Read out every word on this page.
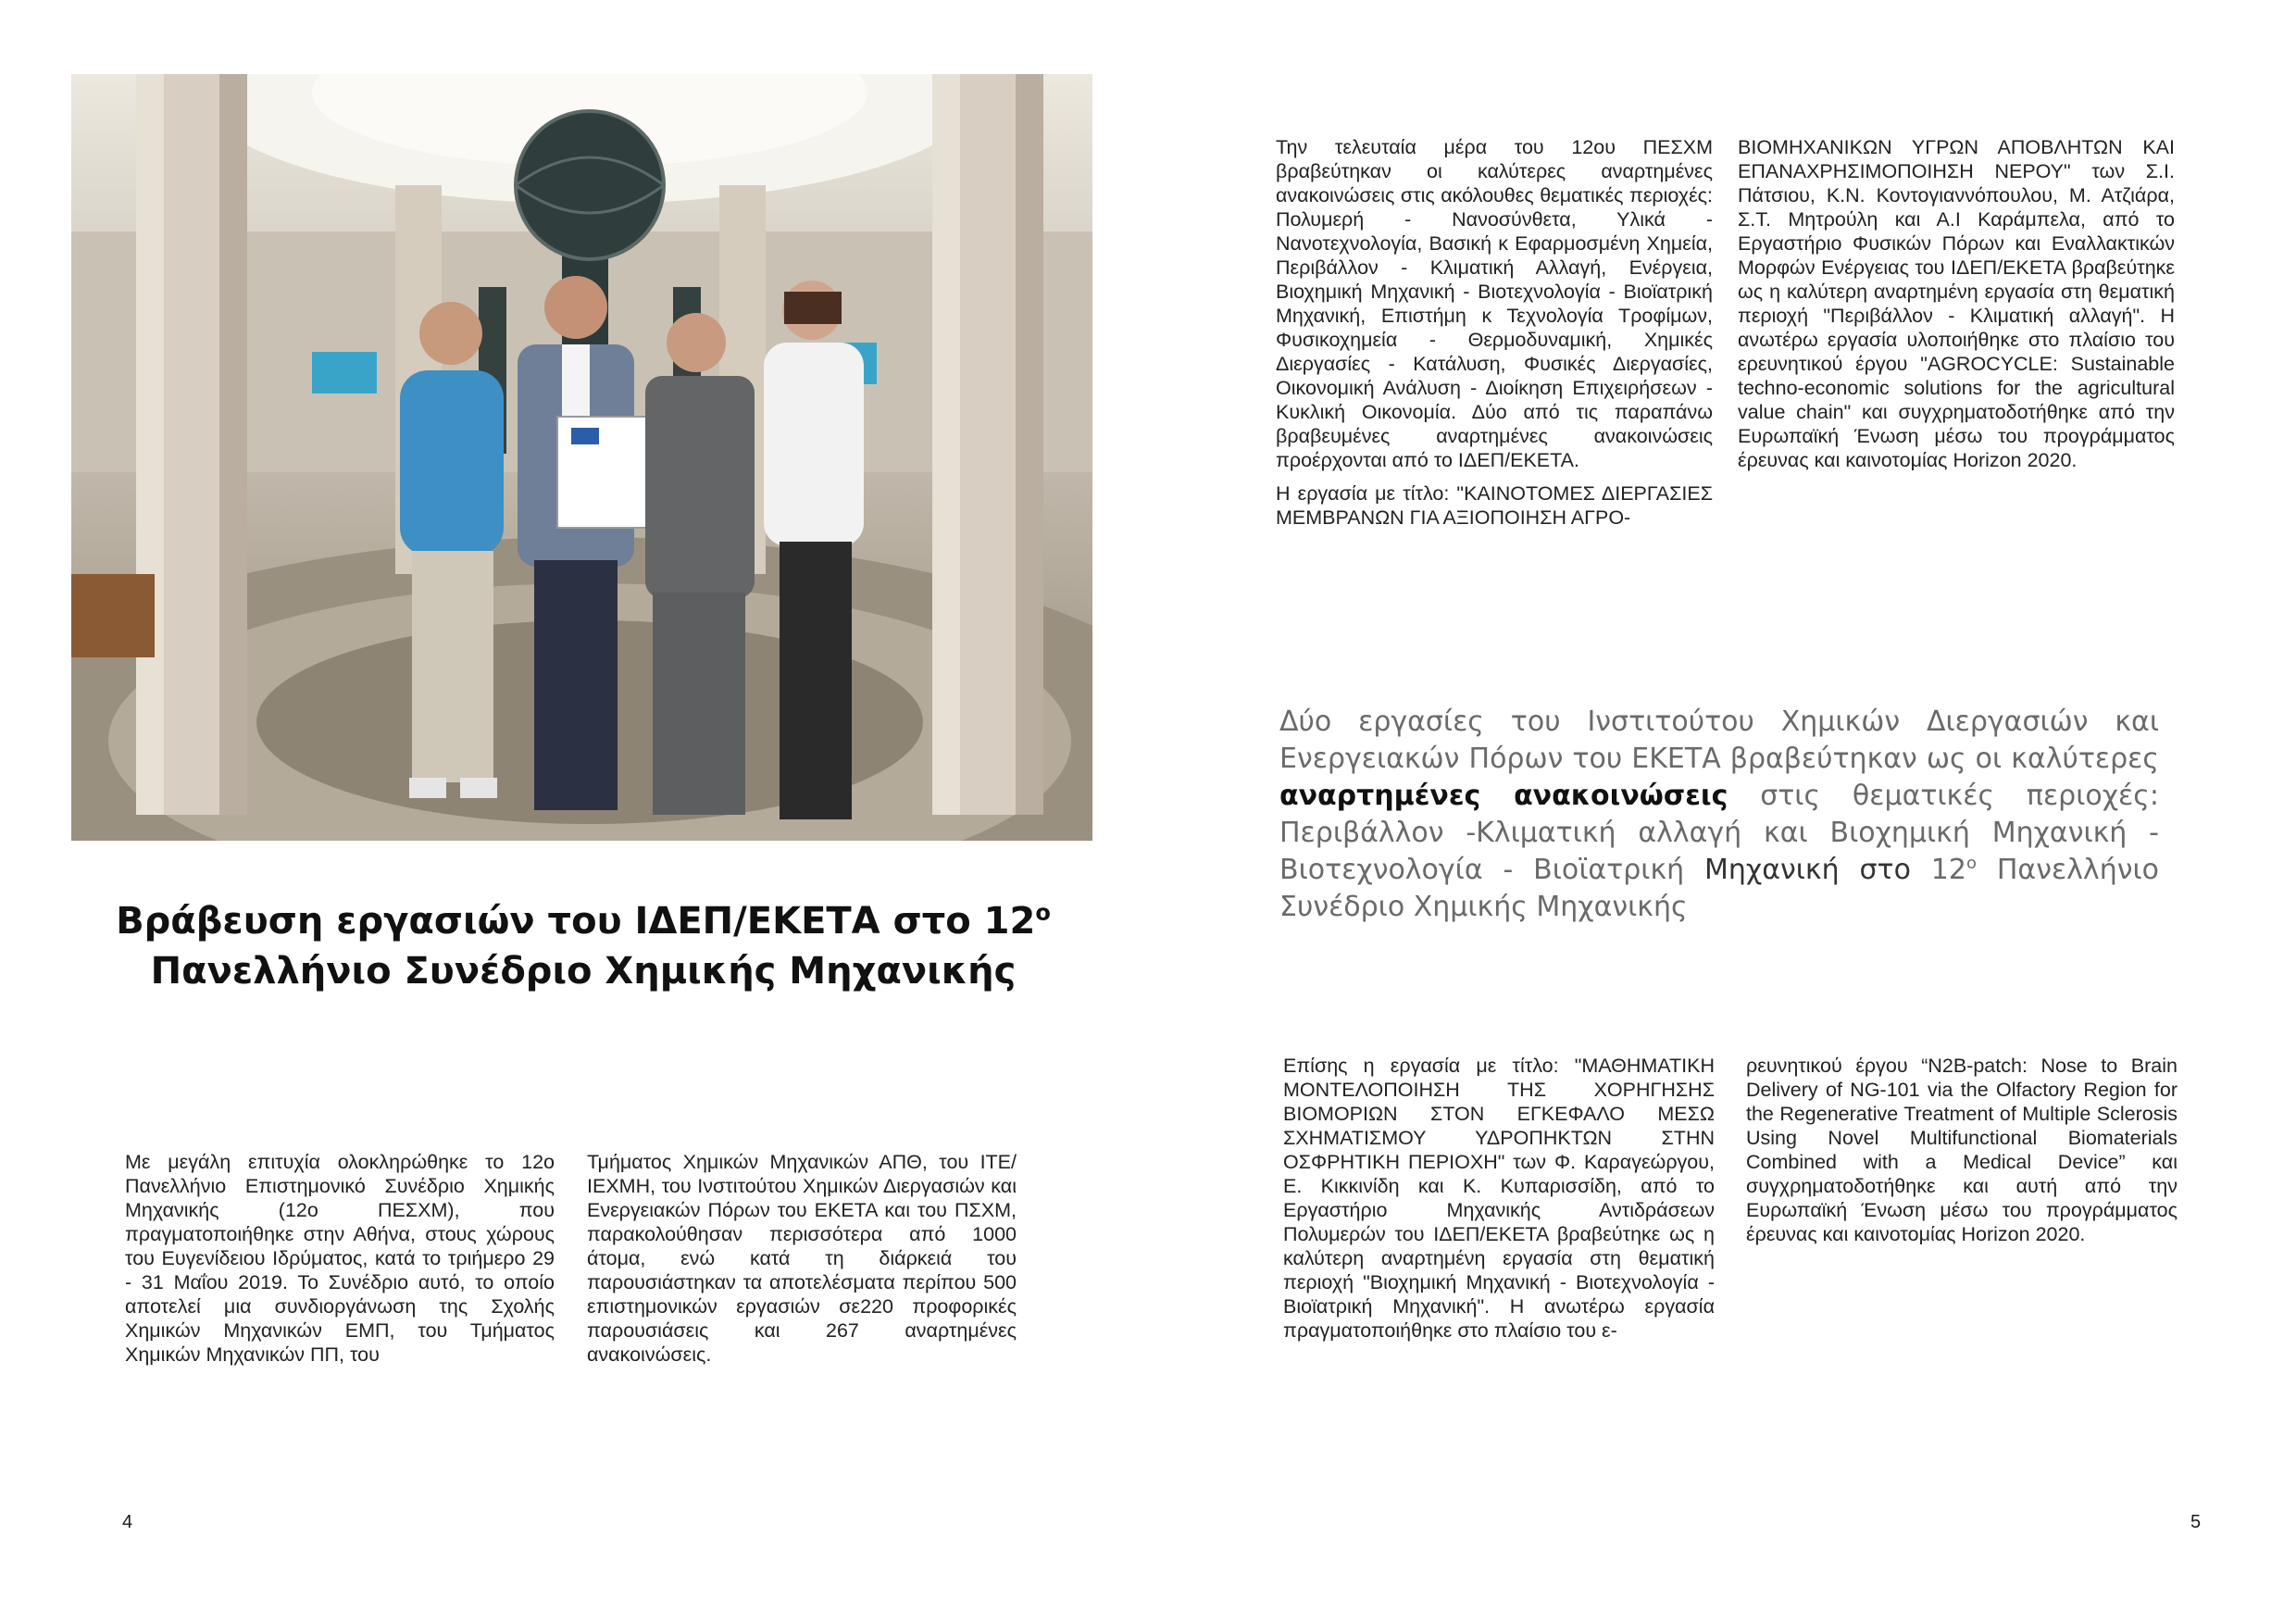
Βράβευση εργασιών του ΙΔΕΠ/ΕΚΕΤΑ στο $12^o$
Πανελλήνιο Συνέδριο Χημικής Μηχανικής

Με μεγάλη επιτυχία ολοκληρώθηκε το 12ο Πανελλήνιο Επιστημονικό Συνέδριο Χημικής Μηχανικής (12ο ΠΕΣΧΜ), που πραγματοποιήθηκε στην Αθήνα, στους χώρους του Ευγενίδειου Ιδρύματος, κατά το τριήμερο 29 - 31 Μαΐου 2019. Το Συνέδριο αυτό, το οποίο αποτελεί μια συνδιοργάνωση της Σχολής Χημικών Μηχανικών ΕΜΠ, του Τμήματος Χημικών Μηχανικών ΠΠ, του

Τμήματος Χημικών Μηχανικών ΑΠΘ, του ΙΤΕ/ΙΕΧΜΗ, του Ινστιτούτου Χημικών Διεργασιών και Ενεργειακών Πόρων του ΕΚΕΤΑ και του ΠΣΧΜ, παρακολούθησαν περισσότερα από 1000 άτομα, ενώ κατά τη διάρκειά του παρουσιάστηκαν τα αποτελέσματα περίπου 500 επιστημονικών εργασιών σε220 προφορικές παρουσιάσεις και 267 αναρτημένες ανακοινώσεις.

4

Την τελευταία μέρα του 12ου ΠΕΣΧΜ βραβεύτηκαν οι καλύτερες αναρτημένες ανακοινώσεις στις ακόλουθες θεματικές περιοχές: Πολυμερή - Νανοσύνθετα, Υλικά - Νανοτεχνολογία, Βασική κ Εφαρμοσμένη Χημεία, Περιβάλλον - Κλιματική Αλλαγή, Ενέργεια, Βιοχημική Μηχανική - Βιοτεχνολογία - Βιοϊατρική Μηχανική, Επιστήμη κ Τεχνολογία Τροφίμων, Φυσικοχημεία - Θερμοδυναμική, Χημικές Διεργασίες - Κατάλυση, Φυσικές Διεργασίες, Οικονομική Ανάλυση - Διοίκηση Επιχειρήσεων - Κυκλική Οικονομία. Δύο από τις παραπάνω βραβευμένες αναρτημένες ανακοινώσεις προέρχονται από το ΙΔΕΠ/ΕΚΕΤΑ.

Η εργασία με τίτλο: "ΚΑΙΝΟΤΟΜΕΣ ΔΙΕΡΓΑΣΙΕΣ ΜΕΜΒΡΑΝΩΝ ΓΙΑ ΑΞΙΟΠΟΙΗΣΗ ΑΓΡΟ-

ΒΙΟΜΗΧΑΝΙΚΩΝ ΥΓΡΩΝ ΑΠΟΒΛΗΤΩΝ ΚΑΙ ΕΠΑΝΑΧΡΗΣΙΜΟΠΟΙΗΣΗ ΝΕΡΟΥ" των Σ.Ι. Πάτσιου, Κ.Ν. Κοντογιαννόπουλου, Μ. Ατζιάρα, Σ.Τ. Μητρούλη και Α.Ι Καράμπελα, από το Εργαστήριο Φυσικών Πόρων και Εναλλακτικών Μορφών Ενέργειας του ΙΔΕΠ/ΕΚΕΤΑ βραβεύτηκε ως η καλύτερη αναρτημένη εργασία στη θεματική περιοχή "Περιβάλλον - Κλιματική αλλαγή". Η ανωτέρω εργασία υλοποιήθηκε στο πλαίσιο του ερευνητικού έργου "AGROCYCLE: Sustainable techno-economic solutions for the agricultural value chain" και συγχρηματοδοτήθηκε από την Ευρωπαϊκή Ένωση μέσω του προγράμματος έρευνας και καινοτομίας Horizon 2020.

Δύο εργασίες του Ινστιτούτου Χημικών Διεργασιών και Ενεργειακών Πόρων του ΕΚΕΤΑ βραβεύτηκαν ως οι καλύτερες αναρτημένες ανακοινώσεις στις θεματικές περιοχές: Περιβάλλον -Κλιματική αλλαγή και Βιοχημική Μηχανική - Βιοτεχνολογία - Βιοϊατρική Μηχανική στο $12^o$ Πανελλήνιο Συνέδριο Χημικής Μηχανικής

Επίσης η εργασία με τίτλο: "ΜΑΘΗΜΑΤΙΚΗ ΜΟΝΤΕΛΟΠΟΙΗΣΗ ΤΗΣ ΧΟΡΗΓΗΣΗΣ ΒΙΟΜΟΡΙΩΝ ΣΤΟΝ ΕΓΚΕΦΑΛΟ ΜΕΣΩ ΣΧΗΜΑΤΙΣΜΟΥ ΥΔΡΟΠΗΚΤΩΝ ΣΤΗΝ ΟΣΦΡΗΤΙΚΗ ΠΕΡΙΟΧΗ" των Φ. Καραγεώργου, Ε. Κικκινίδη και Κ. Κυπαρισσίδη, από το Εργαστήριο Μηχανικής Αντιδράσεων Πολυμερών του ΙΔΕΠ/ΕΚΕΤΑ βραβεύτηκε ως η καλύτερη αναρτημένη εργασία στη θεματική περιοχή "Βιοχημική Μηχανική - Βιοτεχνολογία - Βιοϊατρική Μηχανική". Η ανωτέρω εργασία πραγματοποιήθηκε στο πλαίσιο του ε-

ρευνητικού έργου “N2B-patch: Nose to Brain Delivery of NG-101 via the Olfactory Region for the Regenerative Treatment of Multiple Sclerosis Using Novel Multifunctional Biomaterials Combined with a Medical Device” και συγχρηματοδοτήθηκε και αυτή από την Ευρωπαϊκή Ένωση μέσω του προγράμματος έρευνας και καινοτομίας Horizon 2020.

5
